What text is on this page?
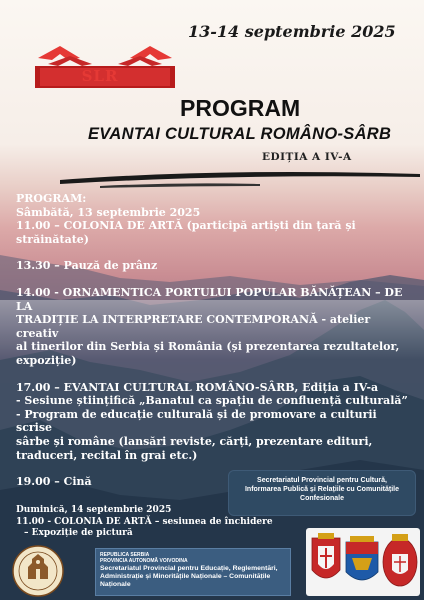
13-14 septembrie 2025
SLR
PROGRAM
EVANTAI CULTURAL ROMÂNO-SÂRB
EDIȚIA A IV-A

PROGRAM:

Sâmbătă, 13 septembrie 2025

11.00 – COLONIA DE ARTĂ (participă artiști din țară și

străinătate)

13.30 – Pauză de prânz

14.00 - ORNAMENTICA PORTULUI POPULAR BĂNĂȚEAN – DE LA

TRADIȚIE LA INTERPRETARE CONTEMPORANĂ - atelier creativ

al tinerilor din Serbia și România (și prezentarea rezultatelor,

expoziție)

17.00 – EVANTAI CULTURAL ROMÂNO-SÂRB, Ediția a IV-a

- Sesiune științifică „Banatul ca spațiu de confluență culturală”

- Program de educație culturală și de promovare a culturii scrise

sârbe și române (lansări reviste, cărți, prezentare edituri,

traduceri, recital în grai etc.)

19.00 – Cină	Secretariatul Provincial pentru Cultură,
Informarea Publică și Relațiile cu Comunitățile
Confesionale

Duminică, 14 septembrie 2025

11.00 - COLONIA DE ARTĂ – sesiunea de închidere

– Expoziție de pictură

REPUBLICA SERBIA
PROVINCIA AUTONOMĂ VOIVODINA
Secretariatul Provincial pentru Educație, Reglementări,
Administrație și Minoritățile Naționale – Comunitățile
Naționale
